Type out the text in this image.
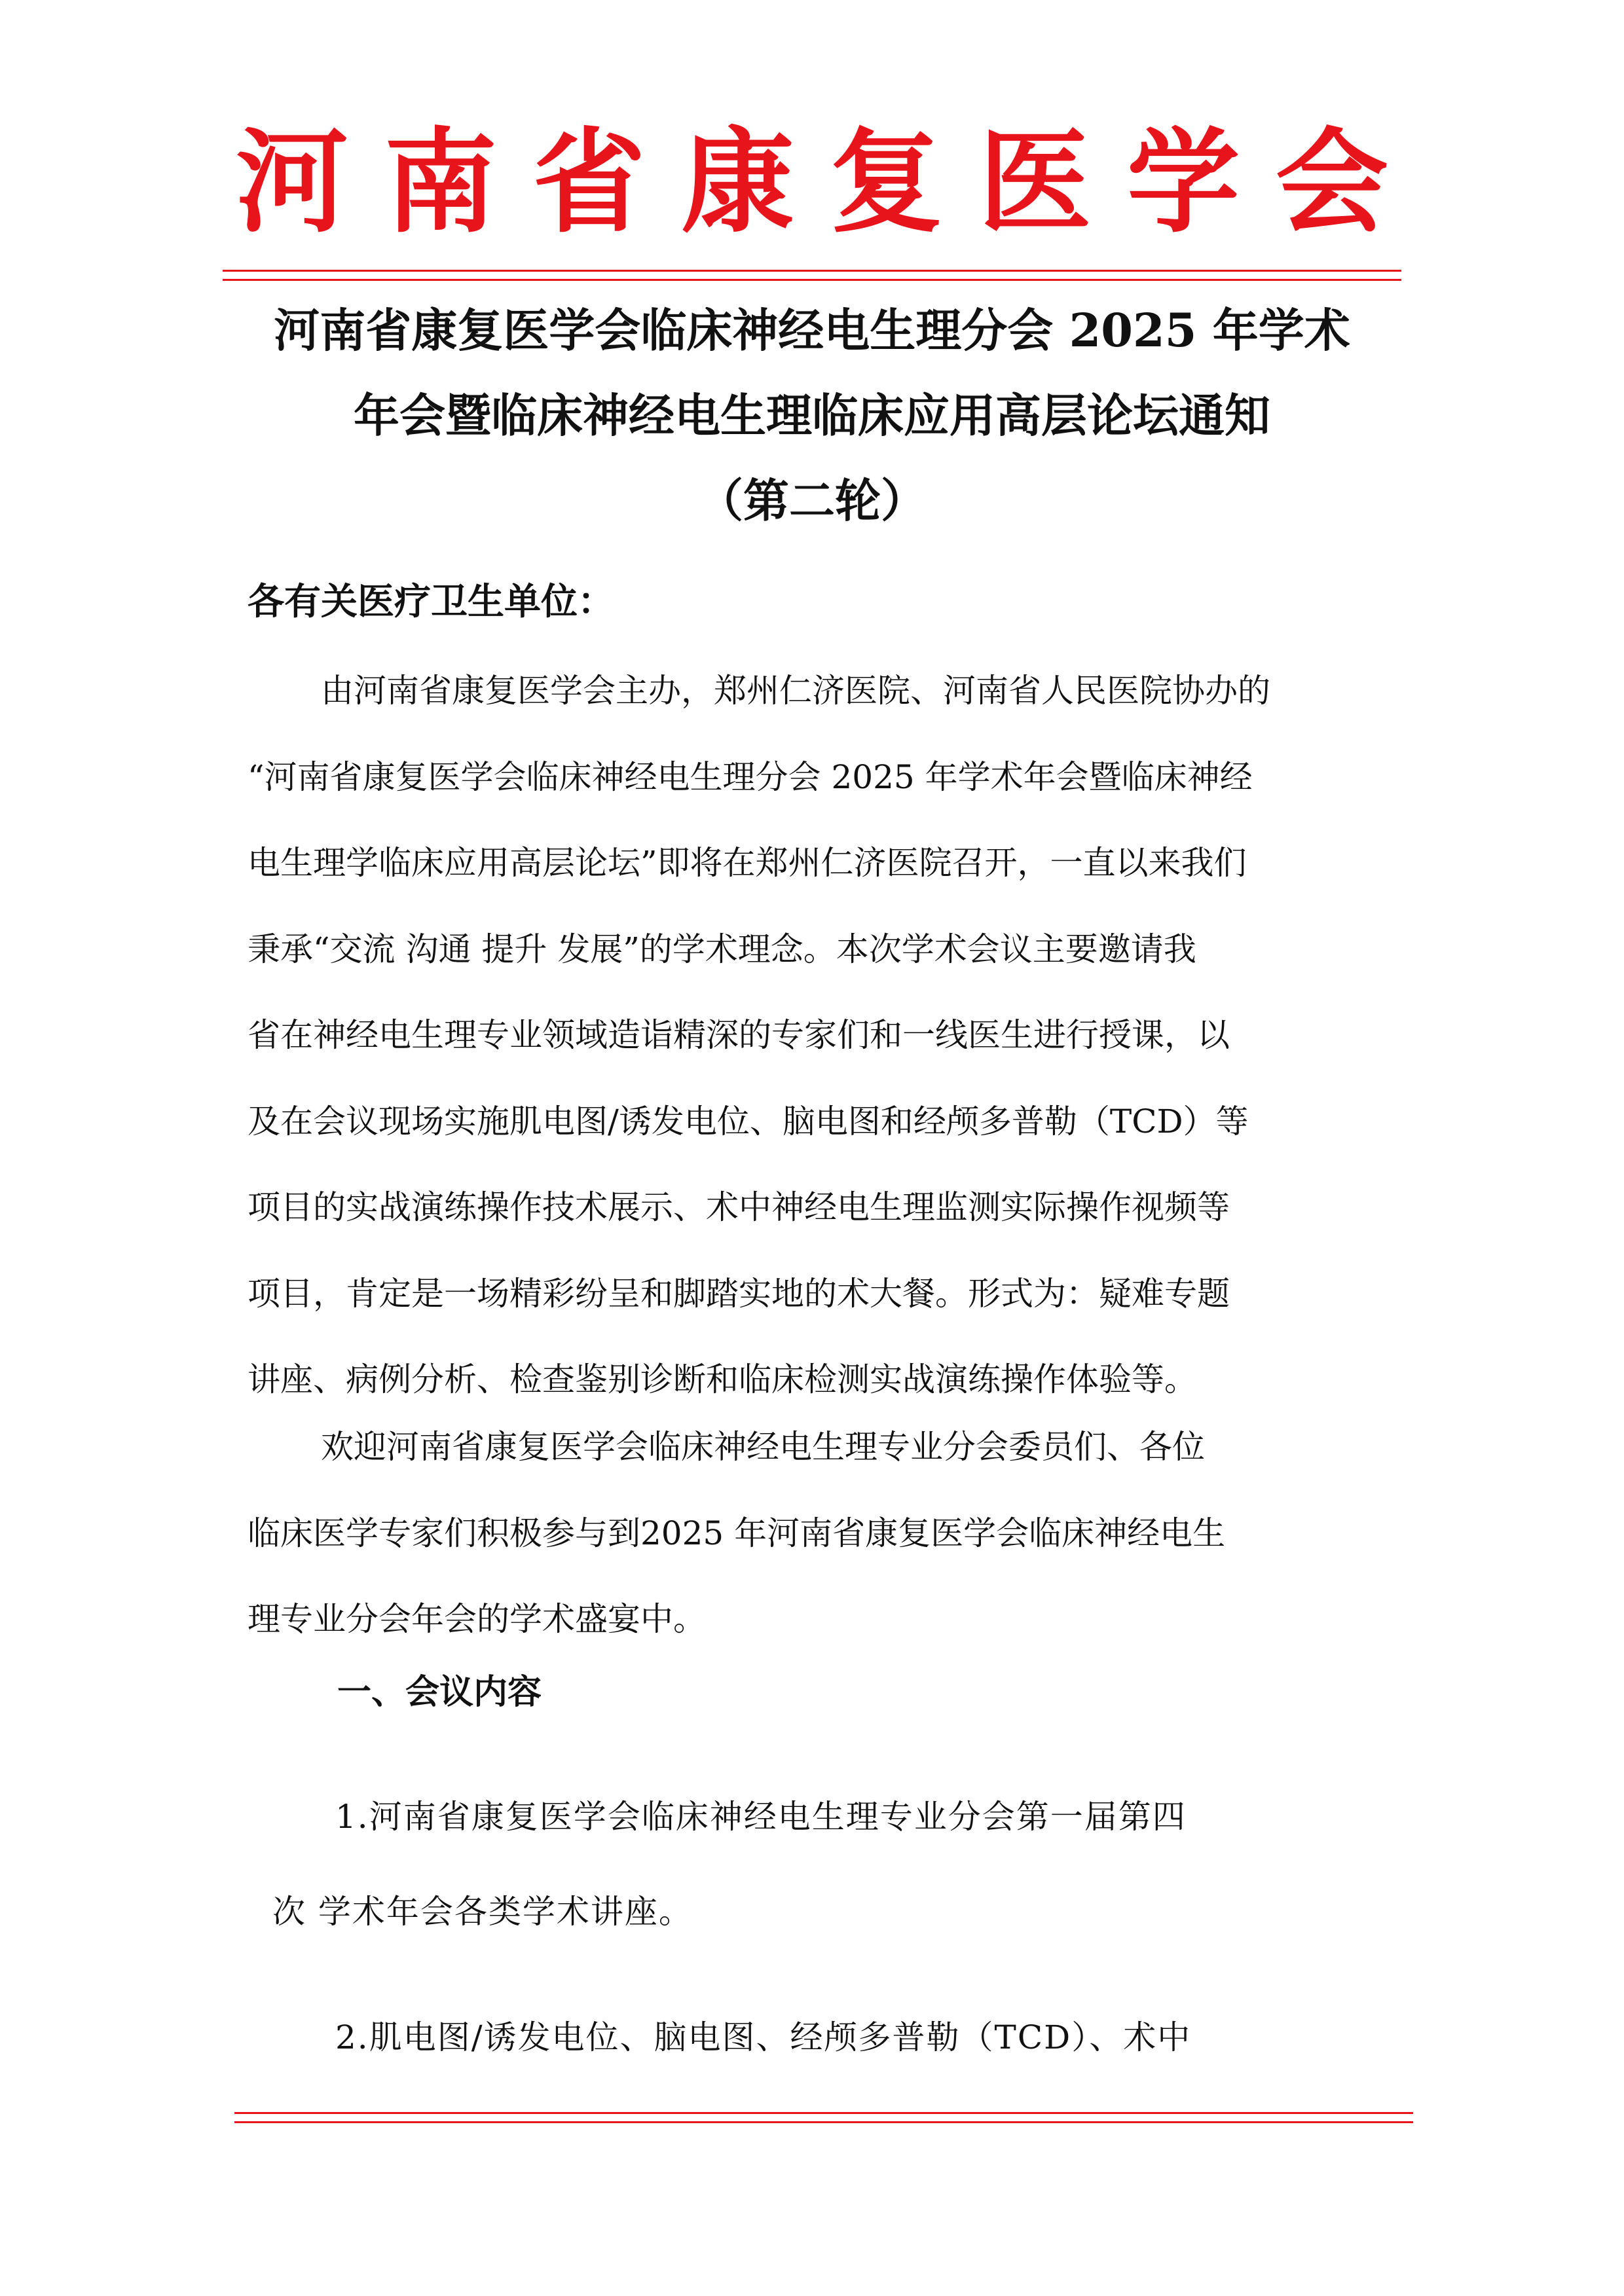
河 南 省 康 复 医 学 会
河南省康复医学会临床神经电生理分会 2025 年学术
年会暨临床神经电生理临床应用高层论坛通知
（第二轮）
各有关医疗卫生单位：
由河南省康复医学会主办，郑州仁济医院、河南省人民医院协办的
“河南省康复医学会临床神经电生理分会 2025 年学术年会暨临床神经
电生理学临床应用高层论坛”即将在郑州仁济医院召开，一直以来我们
秉承“交流 沟通 提升 发展”的学术理念。本次学术会议主要邀请我
省在神经电生理专业领域造诣精深的专家们和一线医生进行授课，以
及在会议现场实施肌电图/诱发电位、脑电图和经颅多普勒（TCD）等
项目的实战演练操作技术展示、术中神经电生理监测实际操作视频等
项目，肯定是一场精彩纷呈和脚踏实地的术大餐。形式为：疑难专题
讲座、病例分析、检查鉴别诊断和临床检测实战演练操作体验等。
欢迎河南省康复医学会临床神经电生理专业分会委员们、各位
临床医学专家们积极参与到2025 年河南省康复医学会临床神经电生
理专业分会年会的学术盛宴中。
一、会议内容
1.河南省康复医学会临床神经电生理专业分会第一届第四
次 学术年会各类学术讲座。
2.肌电图/诱发电位、脑电图、经颅多普勒（TCD）、术中
